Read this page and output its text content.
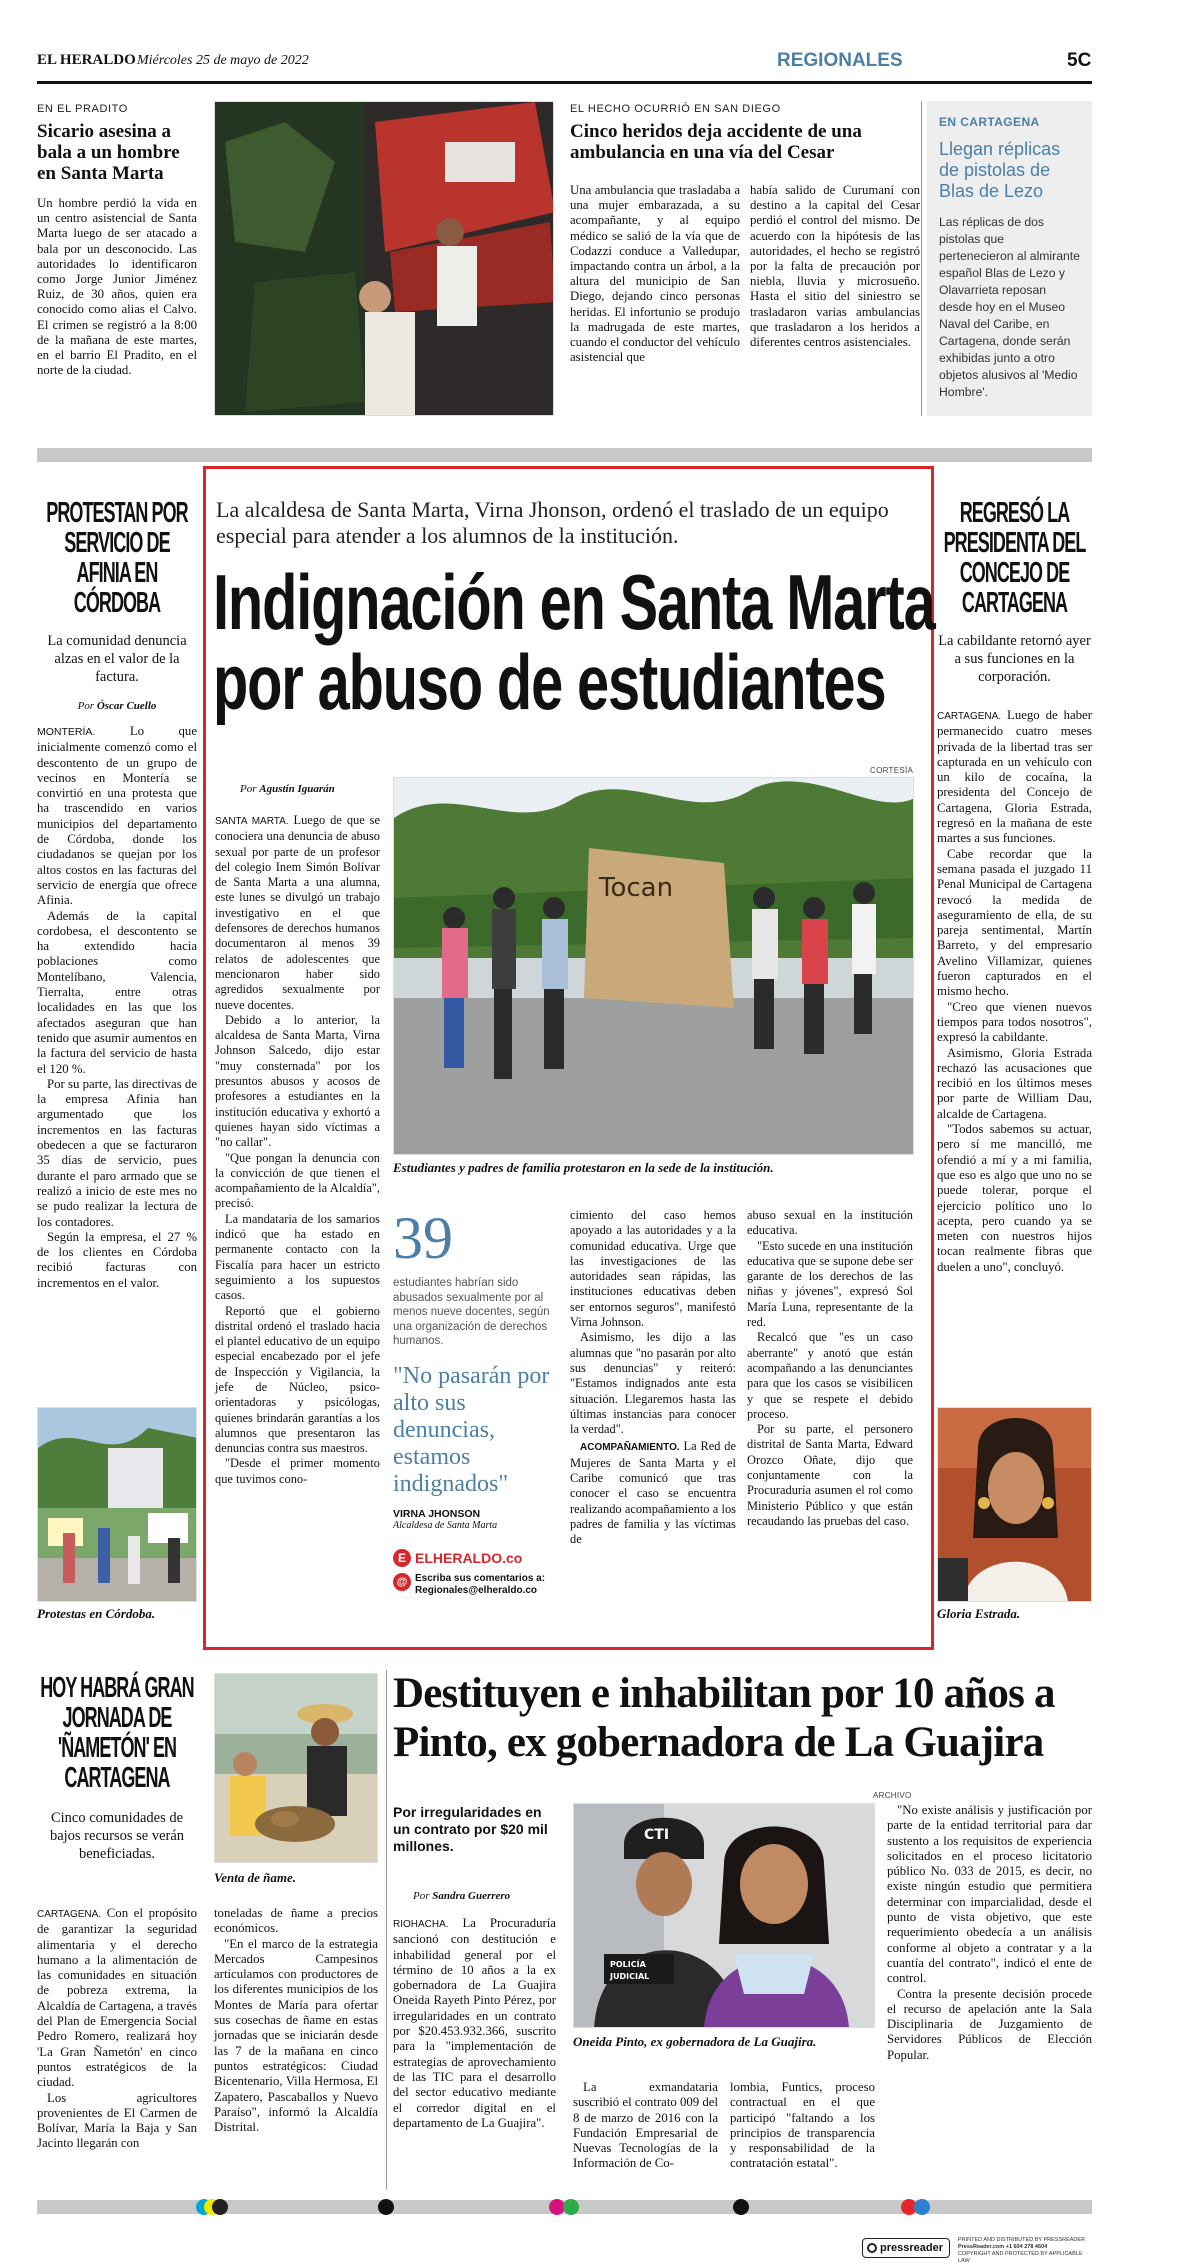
EL HERALDO Miércoles 25 de mayo de 2022	REGIONALES	5C
EN EL PRADITO
Sicario asesina a bala a un hombre en Santa Marta
Un hombre perdió la vida en un centro asistencial de Santa Marta luego de ser atacado a bala por un desconocido. Las autoridades lo identificaron como Jorge Junior Jiménez Ruiz, de 30 años, quien era conocido como alias el Calvo. El crimen se registró a la 8:00 de la mañana de este martes, en el barrio El Pradito, en el norte de la ciudad.
EL HECHO OCURRIÓ EN SAN DIEGO
Cinco heridos deja accidente de una ambulancia en una vía del Cesar
Una ambulancia que trasladaba a una mujer embarazada, a su acompañante, y al equipo médico se salió de la vía que de Codazzi conduce a Valledupar, impactando contra un árbol, a la altura del municipio de San Diego, dejando cinco personas heridas. El infortunio se produjo la madrugada de este martes, cuando el conductor del vehículo asistencial que
había salido de Curumaní con destino a la capital del Cesar perdió el control del mismo. De acuerdo con la hipótesis de las autoridades, el hecho se registró por la falta de precaución por niebla, lluvia y microsueño. Hasta el sitio del siniestro se trasladaron varias ambulancias que trasladaron a los heridos a diferentes centros asistenciales.
EN CARTAGENA
Llegan réplicas de pistolas de Blas de Lezo
Las réplicas de dos pistolas que pertenecieron al almirante español Blas de Lezo y Olavarrieta reposan desde hoy en el Museo Naval del Caribe, en Cartagena, donde serán exhibidas junto a otro objetos alusivos al 'Medio Hombre'.
PROTESTAN POR SERVICIO DE AFINIA EN CÓRDOBA
La comunidad denuncia alzas en el valor de la factura.
Por Óscar Cuello
MONTERÍA.	Lo que inicialmente comenzó como el descontento de un grupo de vecinos en Montería se convirtió en una protesta que ha trascendido en varios municipios del departamento de Córdoba, donde los ciudadanos se quejan por los altos costos en las facturas del servicio de energía que ofrece Afinia.
Además de la capital cordobesa, el descontento se ha extendido hacia poblaciones como Montelíbano, Valencia, Tierralta, entre otras localidades en las que los afectados aseguran que han tenido que asumir aumentos en la factura del servicio de hasta el 120 %.
Por su parte, las directivas de la empresa Afinia han argumentado que los incrementos en las facturas obedecen a que se facturaron 35 días de servicio, pues durante el paro armado que se realizó a inicio de este mes no se pudo realizar la lectura de los contadores.
Según la empresa, el 27 % de los clientes en Córdoba recibió facturas con incrementos en el valor.
Protestas en Córdoba.
La alcaldesa de Santa Marta, Virna Jhonson, ordenó el traslado de un equipo especial para atender a los alumnos de la institución.
Indignación en Santa Marta
por abuso de estudiantes
Por Agustín Iguarán
CORTESÍA
Tocan
Estudiantes y padres de familia protestaron en la sede de la institución.
SANTA MARTA. Luego de que se conociera una denuncia de abuso sexual por parte de un profesor del colegio Inem Simón Bolívar de Santa Marta a una alumna, este lunes se divulgó un trabajo investigativo en el que defensores de derechos humanos documentaron al menos 39 relatos de adolescentes que mencionaron haber sido agredidos sexualmente por nueve docentes.
Debido a lo anterior, la alcaldesa de Santa Marta, Virna Johnson Salcedo, dijo estar "muy consternada" por los presuntos abusos y acosos de profesores a estudiantes en la institución educativa y exhortó a quienes hayan sido víctimas a "no callar".
"Que pongan la denuncia con la convicción de que tienen el acompañamiento de la Alcaldía", precisó.
La mandataria de los samarios indicó que ha estado en permanente contacto con la Fiscalía para hacer un estricto seguimiento a los supuestos casos.
Reportó que el gobierno distrital ordenó el traslado hacia el plantel educativo de un equipo especial encabezado por el jefe de Inspección y Vigilancia, la jefe de Núcleo, psico-orientadoras y psicólogas, quienes brindarán garantías a los alumnos que presentaron las denuncias contra sus maestros.
"Desde el primer momento que tuvimos cono-
39
estudiantes habrían sido abusados sexualmente por al menos nueve docentes, según una organización de derechos humanos.
"No pasarán por alto sus denuncias, estamos indignados"
VIRNA JHONSON
Alcaldesa de Santa Marta
E ELHERALDO.co
@ Escriba sus comentarios a:
Regionales@elheraldo.co
cimiento del caso hemos apoyado a las autoridades y a la comunidad educativa. Urge que las investigaciones de las autoridades sean rápidas, las instituciones educativas deben ser entornos seguros", manifestó Virna Johnson.
Asimismo, les dijo a las alumnas que "no pasarán por alto sus denuncias" y reiteró: "Estamos indignados ante esta situación. Llegaremos hasta las últimas instancias para conocer la verdad".
ACOMPAÑAMIENTO. La Red de Mujeres de Santa Marta y el Caribe comunicó que tras conocer el caso se encuentra realizando acompañamiento a los padres de familia y las víctimas de
abuso sexual en la institución educativa.
"Esto sucede en una institución educativa que se supone debe ser garante de los derechos de las niñas y jóvenes", expresó Sol María Luna, representante de la red.
Recalcó que "es un caso aberrante" y anotó que están acompañando a las denunciantes para que los casos se visibilicen y que se respete el debido proceso.
Por su parte, el personero distrital de Santa Marta, Edward Orozco Oñate, dijo que conjuntamente con la Procuraduría asumen el rol como Ministerio Público y que están recaudando las pruebas del caso.
REGRESÓ LA PRESIDENTA DEL CONCEJO DE CARTAGENA
La cabildante retornó ayer a sus funciones en la corporación.
CARTAGENA. Luego de haber permanecido cuatro meses privada de la libertad tras ser capturada en un vehículo con un kilo de cocaína, la presidenta del Concejo de Cartagena, Gloria Estrada, regresó en la mañana de este martes a sus funciones.
Cabe recordar que la semana pasada el juzgado 11 Penal Municipal de Cartagena revocó la medida de aseguramiento de ella, de su pareja sentimental, Martín Barreto, y del empresario Avelino Villamizar, quienes fueron capturados en el mismo hecho.
"Creo que vienen nuevos tiempos para todos nosotros", expresó la cabildante.
Asimismo, Gloria Estrada rechazó las acusaciones que recibió en los últimos meses por parte de William Dau, alcalde de Cartagena.
"Todos sabemos su actuar, pero sí me mancilló, me ofendió a mí y a mi familia, que eso es algo que uno no se puede tolerar, porque el ejercicio político uno lo acepta, pero cuando ya se meten con nuestros hijos tocan realmente fibras que duelen a uno", concluyó.
Gloria Estrada.
HOY HABRÁ GRAN JORNADA DE 'ÑAMETÓN' EN CARTAGENA
Cinco comunidades de bajos recursos se verán beneficiadas.
CARTAGENA. Con el propósito de garantizar la seguridad alimentaria y el derecho humano a la alimentación de las comunidades en situación de pobreza extrema, la Alcaldía de Cartagena, a través del Plan de Emergencia Social Pedro Romero, realizará hoy 'La Gran Ñametón' en cinco puntos estratégicos de la ciudad.
Los agricultores provenientes de El Carmen de Bolívar, María la Baja y San Jacinto llegarán con
Venta de ñame.
toneladas de ñame a precios económicos.
"En el marco de la estrategia Mercados Campesinos articulamos con productores de los diferentes municipios de los Montes de María para ofertar sus cosechas de ñame en estas jornadas que se iniciarán desde las 7 de la mañana en cinco puntos estratégicos: Ciudad Bicentenario, Villa Hermosa, El Zapatero, Pascaballos y Nuevo Paraíso", informó la Alcaldía Distrital.
Destituyen e inhabilitan por 10 años a Pinto, ex gobernadora de La Guajira
Por irregularidades en un contrato por $20 mil millones.
Por Sandra Guerrero
ARCHIVO
CTI
POLICÍA
JUDICIAL
Oneida Pinto, ex gobernadora de La Guajira.
RIOHACHA. La Procuraduría sancionó con destitución e inhabilidad general por el término de 10 años a la ex gobernadora de La Guajira Oneida Rayeth Pinto Pérez, por irregularidades en un contrato por $20.453.932.366, suscrito para la "implementación de estrategias de aprovechamiento de las TIC para el desarrollo del sector educativo mediante el corredor digital en el departamento de La Guajira".
La exmandataria suscribió el contrato 009 del 8 de marzo de 2016 con la Fundación Empresarial de Nuevas Tecnologías de la Información de Co-
lombia, Funtics, proceso contractual en el que participó "faltando a los principios de transparencia y responsabilidad de la contratación estatal".
"No existe análisis y justificación por parte de la entidad territorial para dar sustento a los requisitos de experiencia solicitados en el proceso licitatorio público No. 033 de 2015, es decir, no existe ningún estudio que permitiera determinar con imparcialidad, desde el punto de vista objetivo, que este requerimiento obedecía a un análisis conforme al objeto a contratar y a la cuantía del contrato", indicó el ente de control.
Contra la presente decisión procede el recurso de apelación ante la Sala Disciplinaria de Juzgamiento de Servidores Públicos de Elección Popular.
pressreader
PRINTED AND DISTRIBUTED BY PRESSREADER
PressReader.com +1 604 278 4604
COPYRIGHT AND PROTECTED BY APPLICABLE LAW
